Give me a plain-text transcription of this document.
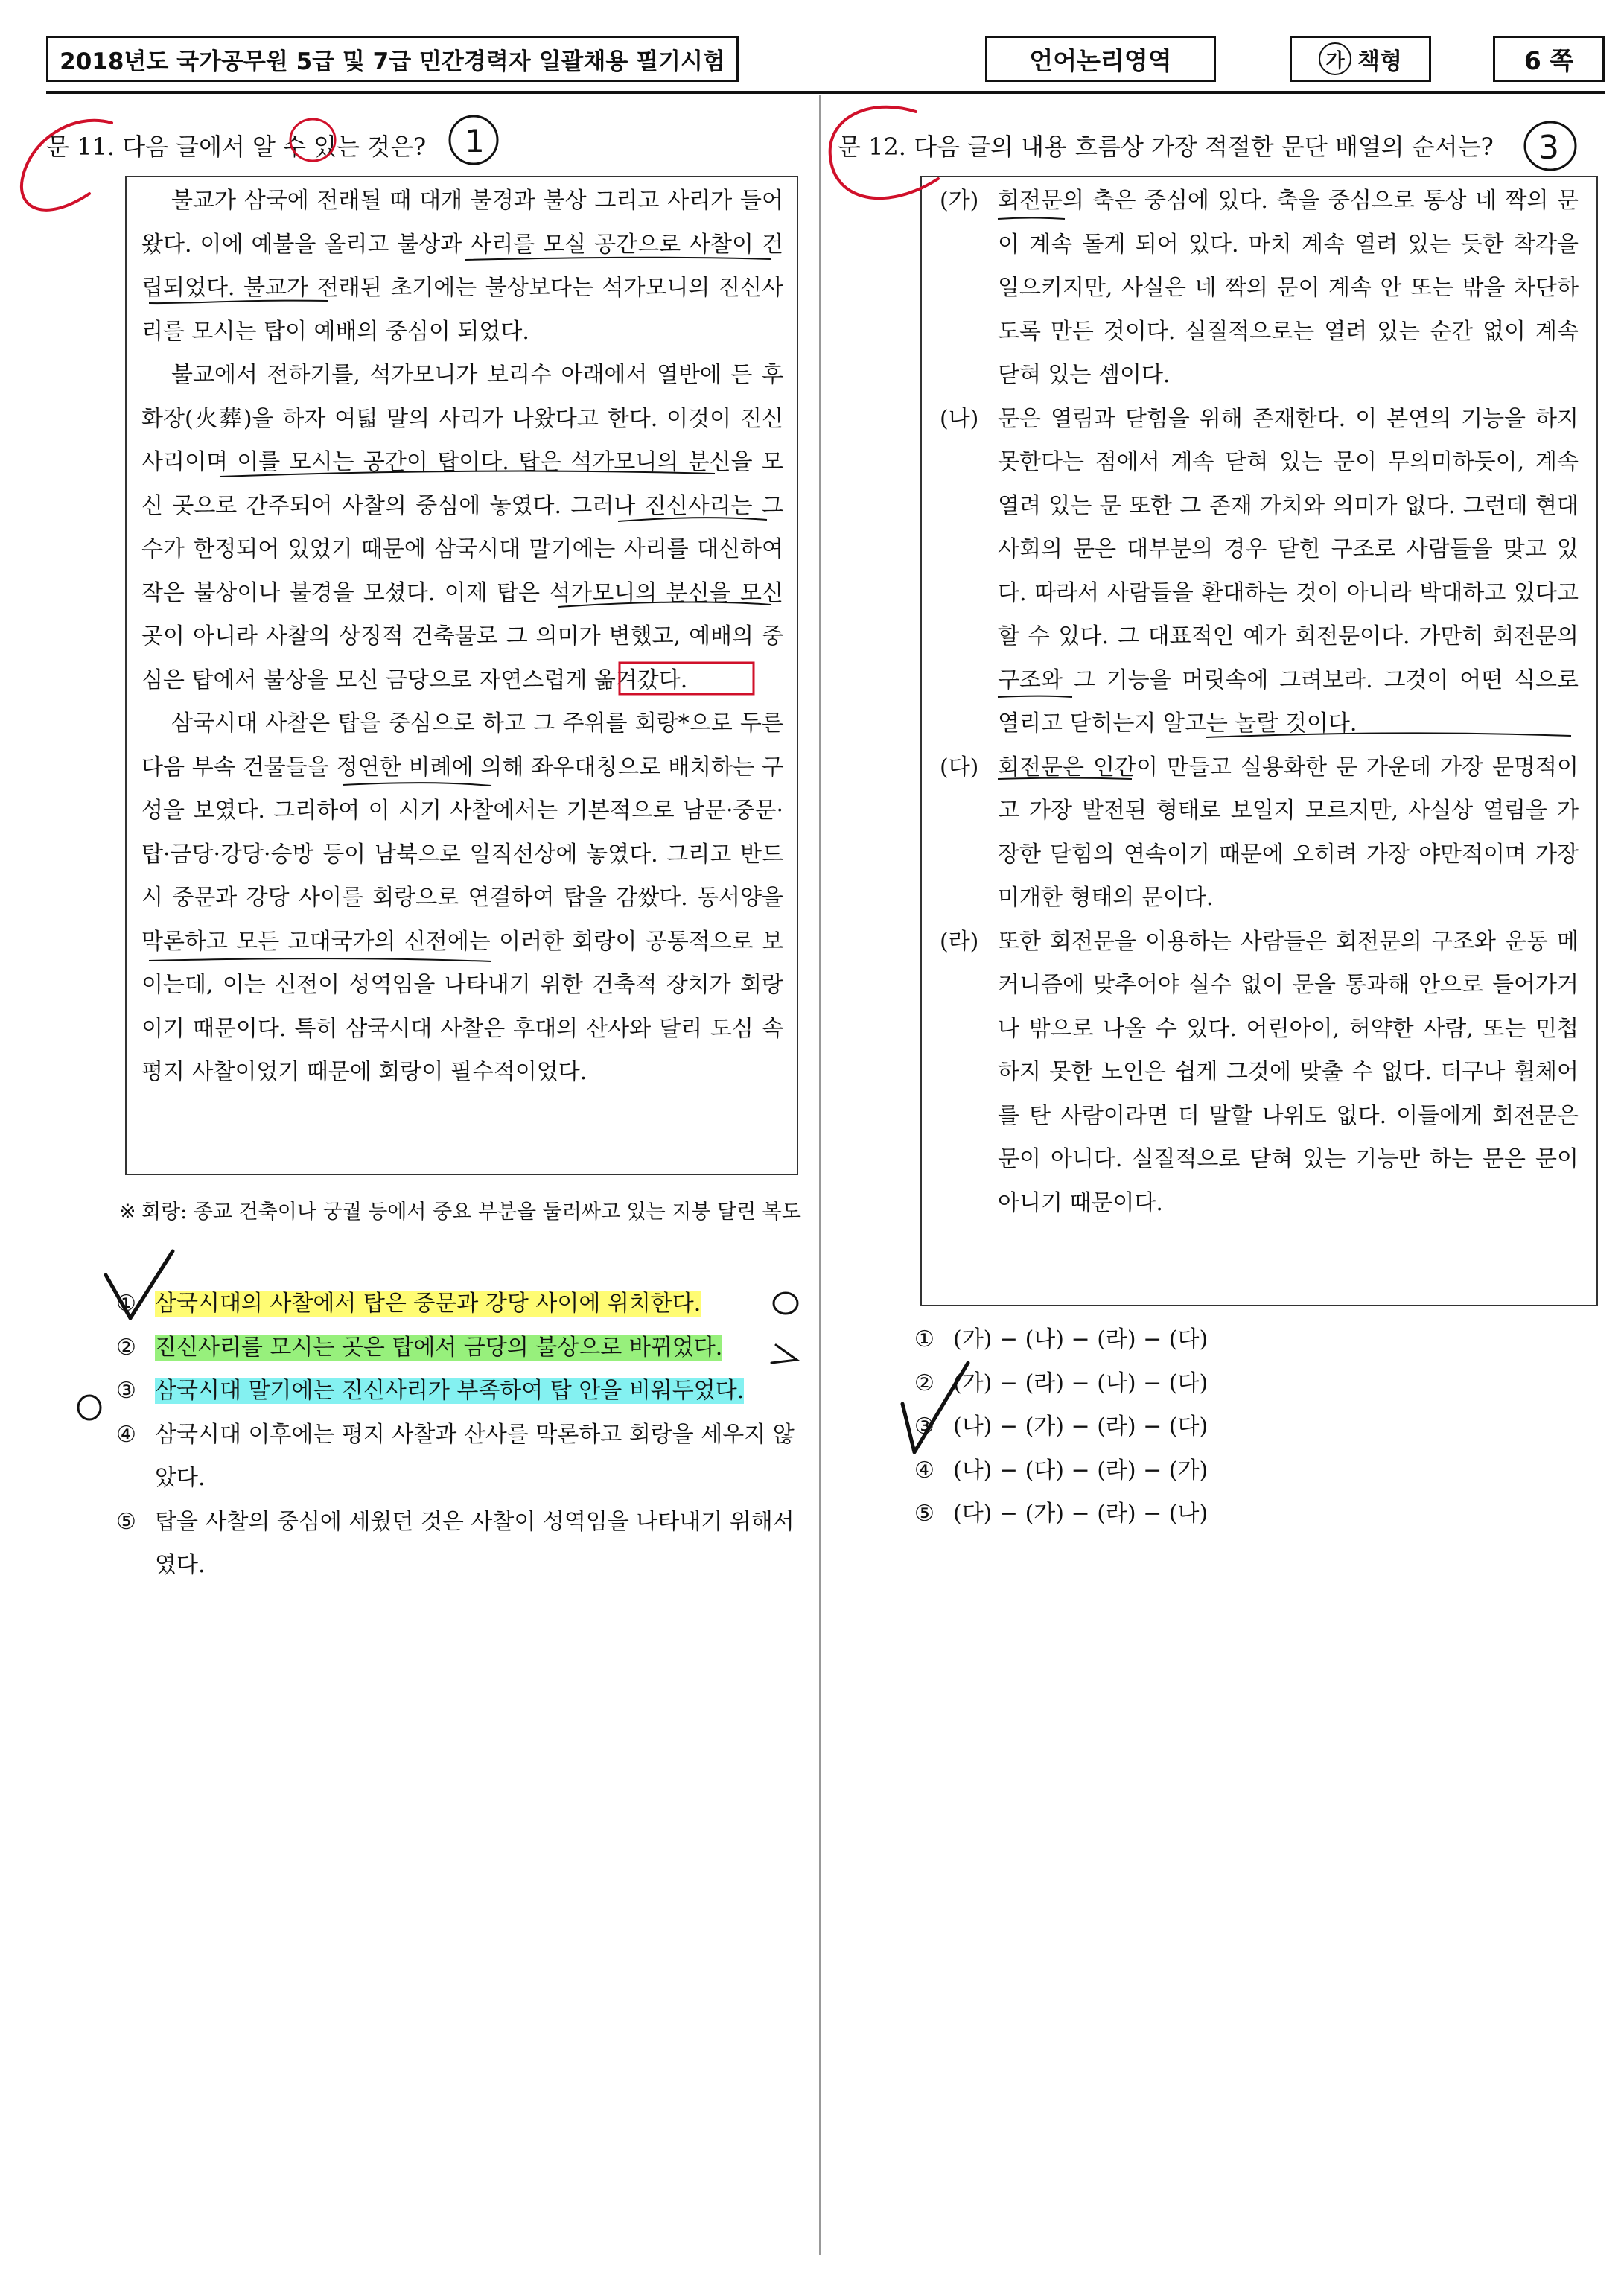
2018년도 국가공무원 5급 및 7급 민간경력자 일괄채용 필기시험	언어논리영역	가 책형	6 쪽
문 11. 다음 글에서 알 수 있는 것은?

불교가 삼국에 전래될 때 대개 불경과 불상 그리고 사리가 들어왔다. 이에 예불을 올리고 불상과 사리를 모실 공간으로 사찰이 건립되었다. 불교가 전래된 초기에는 불상보다는 석가모니의 진신사리를 모시는 탑이 예배의 중심이 되었다.

불교에서 전하기를, 석가모니가 보리수 아래에서 열반에 든 후 화장(火葬)을 하자 여덟 말의 사리가 나왔다고 한다. 이것이 진신사리이며 이를 모시는 공간이 탑이다. 탑은 석가모니의 분신을 모신 곳으로 간주되어 사찰의 중심에 놓였다. 그러나 진신사리는 그 수가 한정되어 있었기 때문에 삼국시대 말기에는 사리를 대신하여 작은 불상이나 불경을 모셨다. 이제 탑은 석가모니의 분신을 모신 곳이 아니라 사찰의 상징적 건축물로 그 의미가 변했고, 예배의 중심은 탑에서 불상을 모신 금당으로 자연스럽게 옮겨갔다.

삼국시대 사찰은 탑을 중심으로 하고 그 주위를 회랑*으로 두른 다음 부속 건물들을 정연한 비례에 의해 좌우대칭으로 배치하는 구성을 보였다. 그리하여 이 시기 사찰에서는 기본적으로 남문·중문·탑·금당·강당·승방 등이 남북으로 일직선상에 놓였다. 그리고 반드시 중문과 강당 사이를 회랑으로 연결하여 탑을 감쌌다. 동서양을 막론하고 모든 고대국가의 신전에는 이러한 회랑이 공통적으로 보이는데, 이는 신전이 성역임을 나타내기 위한 건축적 장치가 회랑이기 때문이다. 특히 삼국시대 사찰은 후대의 산사와 달리 도심 속 평지 사찰이었기 때문에 회랑이 필수적이었다.

※ 회랑: 종교 건축이나 궁궐 등에서 중요 부분을 둘러싸고 있는 지붕 달린 복도
① 삼국시대의 사찰에서 탑은 중문과 강당 사이에 위치한다.
② 진신사리를 모시는 곳은 탑에서 금당의 불상으로 바뀌었다.
③ 삼국시대 말기에는 진신사리가 부족하여 탑 안을 비워두었다.
④ 삼국시대 이후에는 평지 사찰과 산사를 막론하고 회랑을 세우지 않았다.
⑤ 탑을 사찰의 중심에 세웠던 것은 사찰이 성역임을 나타내기 위해서였다.
문 12. 다음 글의 내용 흐름상 가장 적절한 문단 배열의 순서는?
(가) 회전문의 축은 중심에 있다. 축을 중심으로 통상 네 짝의 문이 계속 돌게 되어 있다. 마치 계속 열려 있는 듯한 착각을 일으키지만, 사실은 네 짝의 문이 계속 안 또는 밖을 차단하도록 만든 것이다. 실질적으로는 열려 있는 순간 없이 계속 닫혀 있는 셈이다.
(나) 문은 열림과 닫힘을 위해 존재한다. 이 본연의 기능을 하지 못한다는 점에서 계속 닫혀 있는 문이 무의미하듯이, 계속 열려 있는 문 또한 그 존재 가치와 의미가 없다. 그런데 현대 사회의 문은 대부분의 경우 닫힌 구조로 사람들을 맞고 있다. 따라서 사람들을 환대하는 것이 아니라 박대하고 있다고 할 수 있다. 그 대표적인 예가 회전문이다. 가만히 회전문의 구조와 그 기능을 머릿속에 그려보라. 그것이 어떤 식으로 열리고 닫히는지 알고는 놀랄 것이다.
(다) 회전문은 인간이 만들고 실용화한 문 가운데 가장 문명적이고 가장 발전된 형태로 보일지 모르지만, 사실상 열림을 가장한 닫힘의 연속이기 때문에 오히려 가장 야만적이며 가장 미개한 형태의 문이다.
(라) 또한 회전문을 이용하는 사람들은 회전문의 구조와 운동 메커니즘에 맞추어야 실수 없이 문을 통과해 안으로 들어가거나 밖으로 나올 수 있다. 어린아이, 허약한 사람, 또는 민첩하지 못한 노인은 쉽게 그것에 맞출 수 없다. 더구나 휠체어를 탄 사람이라면 더 말할 나위도 없다. 이들에게 회전문은 문이 아니다. 실질적으로 닫혀 있는 기능만 하는 문은 문이 아니기 때문이다.
① (가) − (나) − (라) − (다)
② (가) − (라) − (나) − (다)
③ (나) − (가) − (라) − (다)
④ (나) − (다) − (라) − (가)
⑤ (다) − (가) − (라) − (나)
1	3
